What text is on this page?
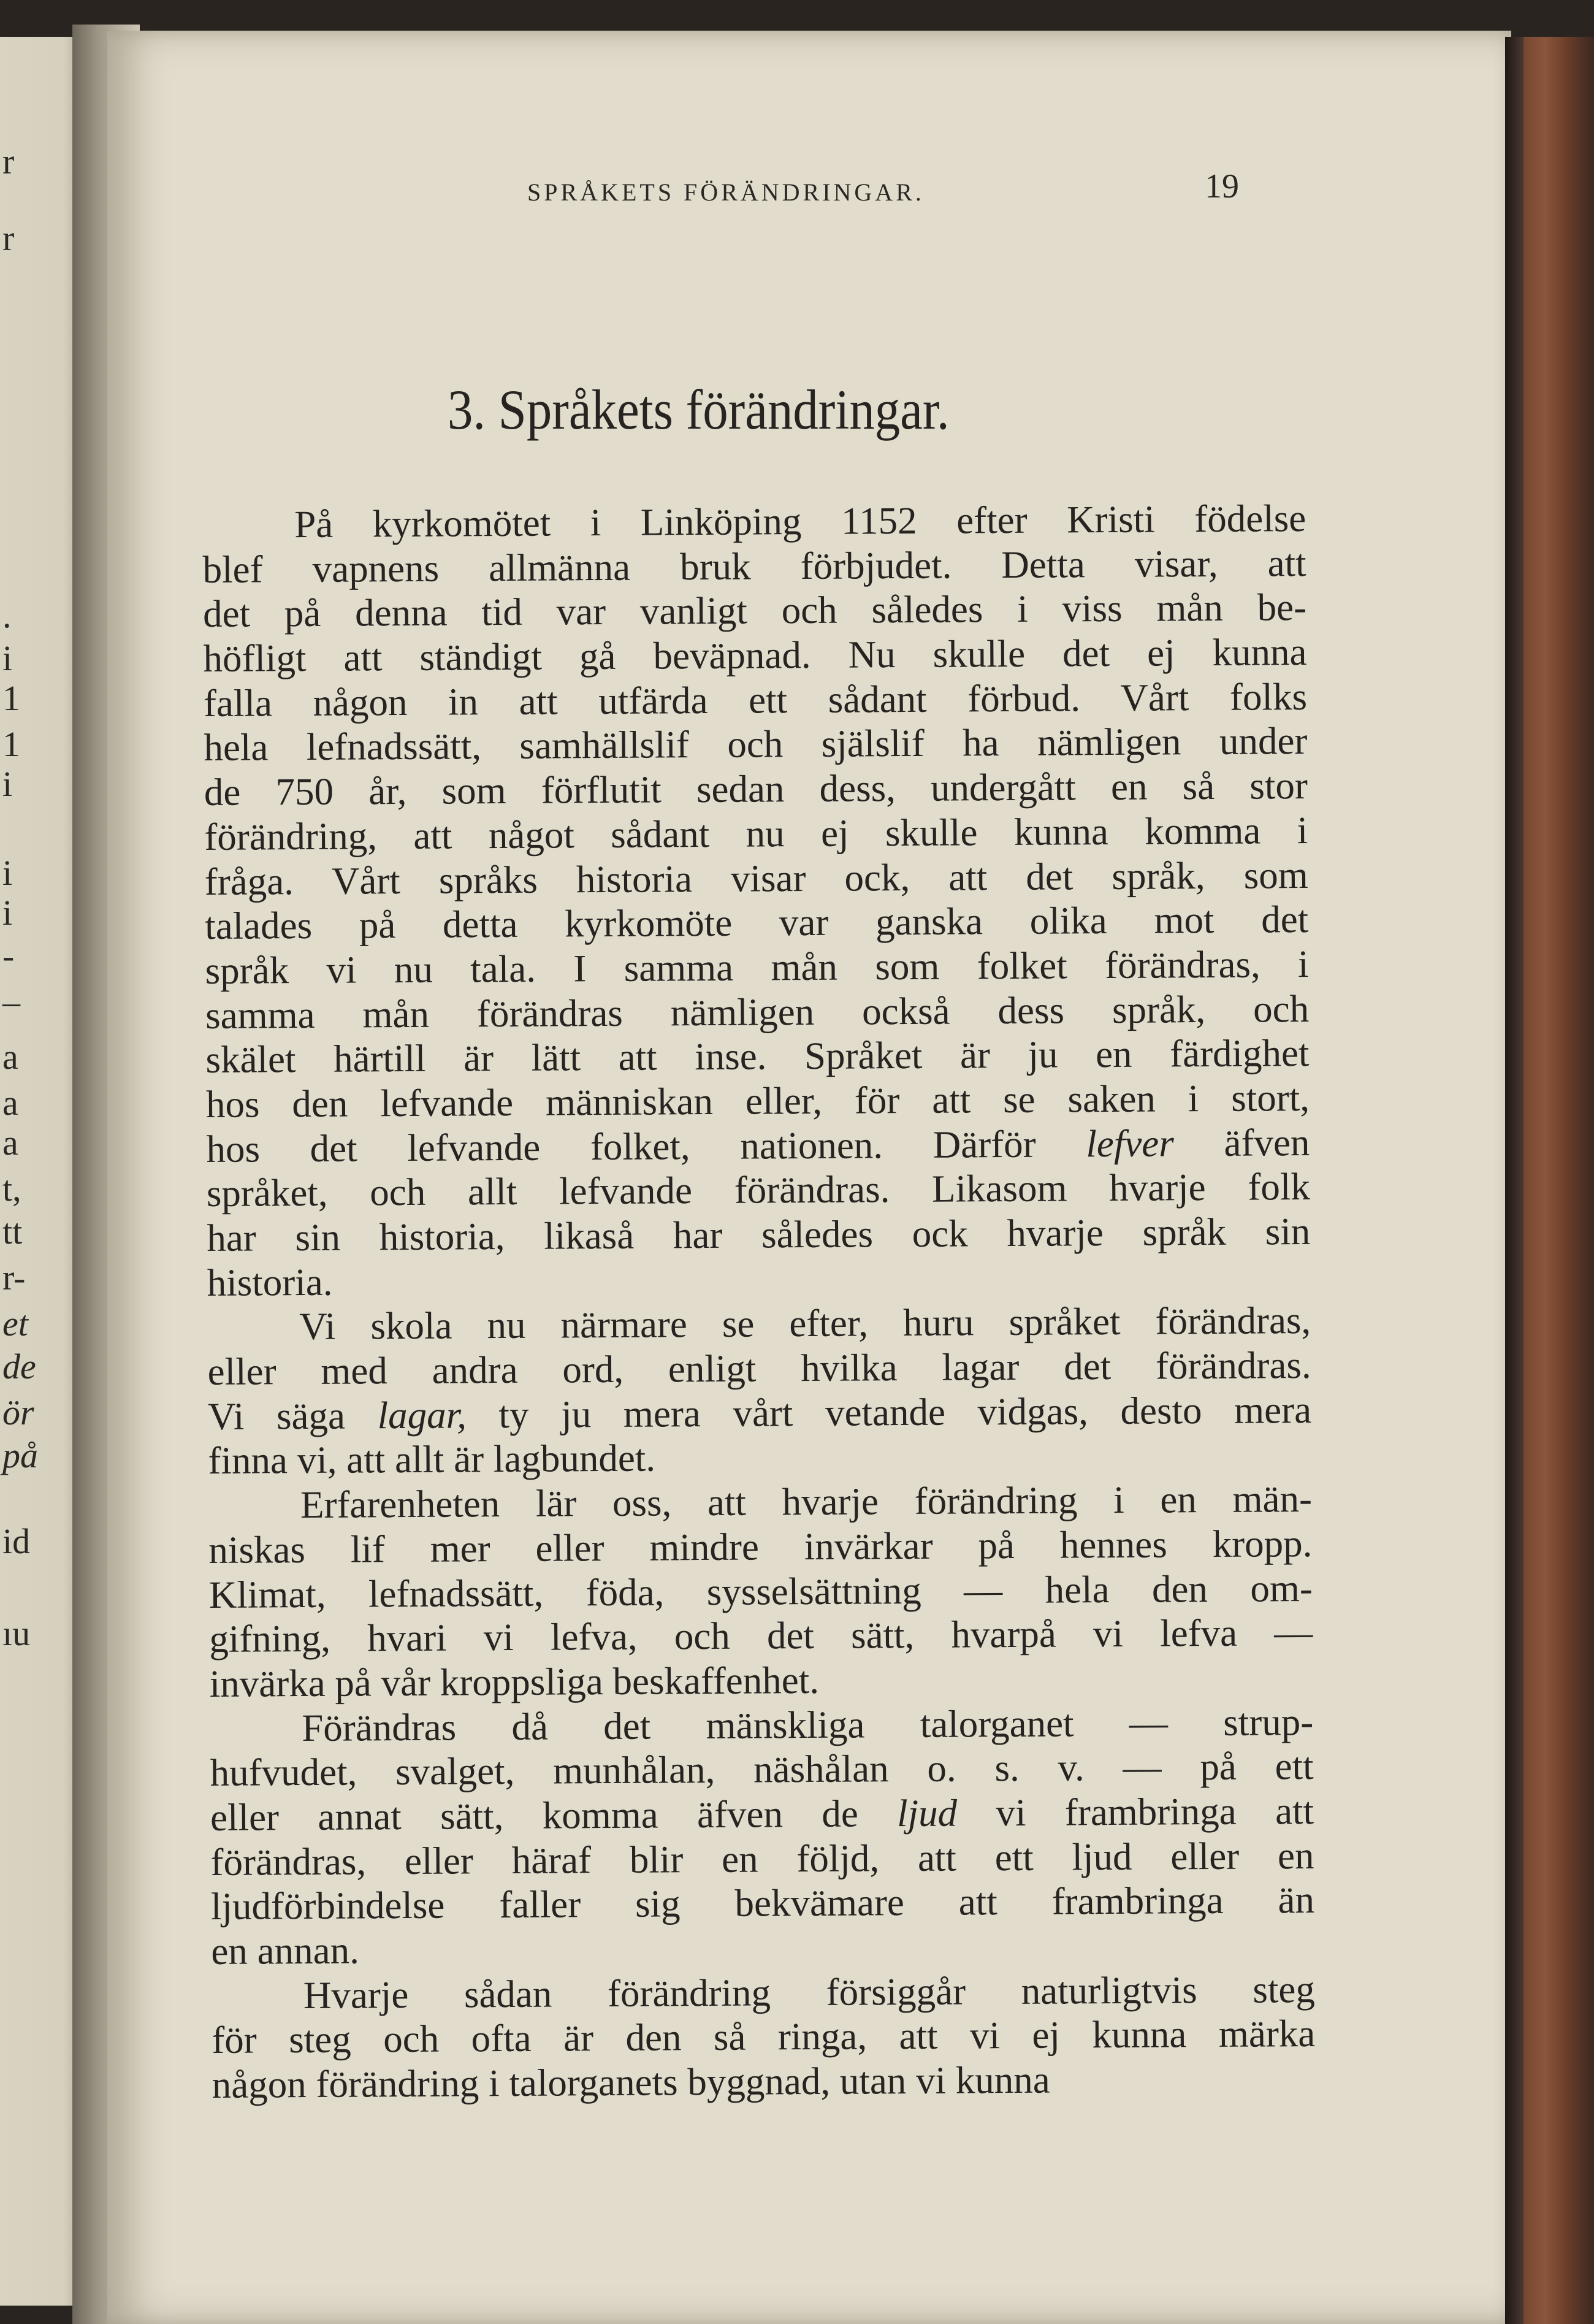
r
r
.
i
1
1
i
i
i
-
–
a
a
a
t,
tt
r-
et
de
ör
på
id
ıu
SPRÅKETS FÖRÄNDRINGAR.	19
3. Språkets förändringar.
På kyrkomötet i Linköping 1152 efter Kristi födelse
blef vapnens allmänna bruk förbjudet. Detta visar, att
det på denna tid var vanligt och således i viss mån be-
höfligt att ständigt gå beväpnad. Nu skulle det ej kunna
falla någon in att utfärda ett sådant förbud. Vårt folks
hela lefnadssätt, samhällslif och själslif ha nämligen under
de 750 år, som förflutit sedan dess, undergått en så stor
förändring, att något sådant nu ej skulle kunna komma i
fråga. Vårt språks historia visar ock, att det språk, som
talades på detta kyrkomöte var ganska olika mot det
språk vi nu tala. I samma mån som folket förändras, i
samma mån förändras nämligen också dess språk, och
skälet härtill är lätt att inse. Språket är ju en färdighet
hos den lefvande människan eller, för att se saken i stort,
hos det lefvande folket, nationen. Därför lefver äfven
språket, och allt lefvande förändras. Likasom hvarje folk
har sin historia, likaså har således ock hvarje språk sin
historia.
Vi skola nu närmare se efter, huru språket förändras,
eller med andra ord, enligt hvilka lagar det förändras.
Vi säga lagar, ty ju mera vårt vetande vidgas, desto mera
finna vi, att allt är lagbundet.
Erfarenheten lär oss, att hvarje förändring i en män-
niskas lif mer eller mindre invärkar på hennes kropp.
Klimat, lefnadssätt, föda, sysselsättning — hela den om-
gifning, hvari vi lefva, och det sätt, hvarpå vi lefva —
invärka på vår kroppsliga beskaffenhet.
Förändras då det mänskliga talorganet — strup-
hufvudet, svalget, munhålan, näshålan o. s. v. — på ett
eller annat sätt, komma äfven de ljud vi frambringa att
förändras, eller häraf blir en följd, att ett ljud eller en
ljudförbindelse faller sig bekvämare att frambringa än
en annan.
Hvarje sådan förändring försiggår naturligtvis steg
för steg och ofta är den så ringa, att vi ej kunna märka
någon förändring i talorganets byggnad, utan vi kunna
